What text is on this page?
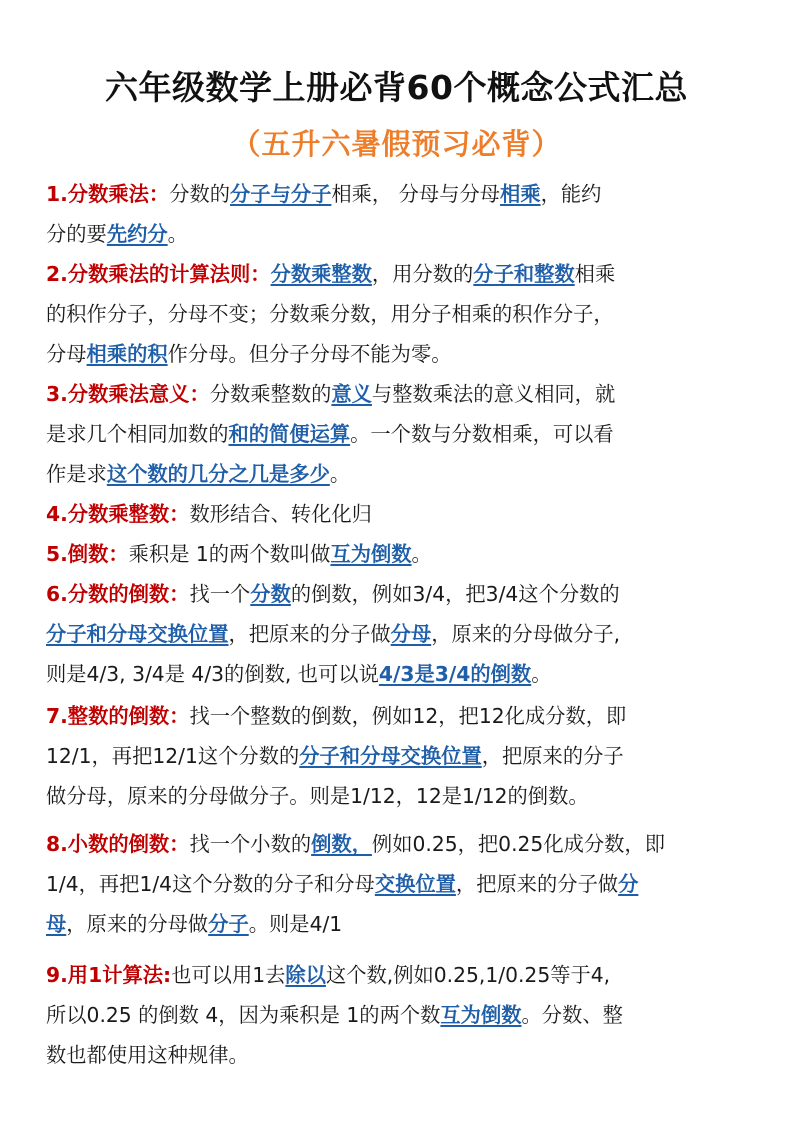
六年级数学上册必背60个概念公式汇总
（五升六暑假预习必背）
1.分数乘法：分数的分子与分子相乘， 分母与分母相乘，能约
分的要先约分。
2.分数乘法的计算法则：分数乘整数，用分数的分子和整数相乘
的积作分子，分母不变；分数乘分数，用分子相乘的积作分子，
分母相乘的积作分母。但分子分母不能为零。
3.分数乘法意义：分数乘整数的意义与整数乘法的意义相同，就
是求几个相同加数的和的简便运算。一个数与分数相乘，可以看
作是求这个数的几分之几是多少。
4.分数乘整数：数形结合、转化化归
5.倒数：乘积是 1的两个数叫做互为倒数。
6.分数的倒数：找一个分数的倒数，例如3/4，把3/4这个分数的
分子和分母交换位置，把原来的分子做分母，原来的分母做分子,
则是4/3, 3/4是 4/3的倒数, 也可以说4/3是3/4的倒数。
7.整数的倒数：找一个整数的倒数，例如12，把12化成分数，即
12/1，再把12/1这个分数的分子和分母交换位置，把原来的分子
做分母，原来的分母做分子。则是1/12，12是1/12的倒数。
8.小数的倒数：找一个小数的倒数，例如0.25，把0.25化成分数，即
1/4，再把1/4这个分数的分子和分母交换位置，把原来的分子做分
母，原来的分母做分子。则是4/1
9.用1计算法:也可以用1去除以这个数,例如0.25,1/0.25等于4,
所以0.25 的倒数 4，因为乘积是 1的两个数互为倒数。分数、整
数也都使用这种规律。
